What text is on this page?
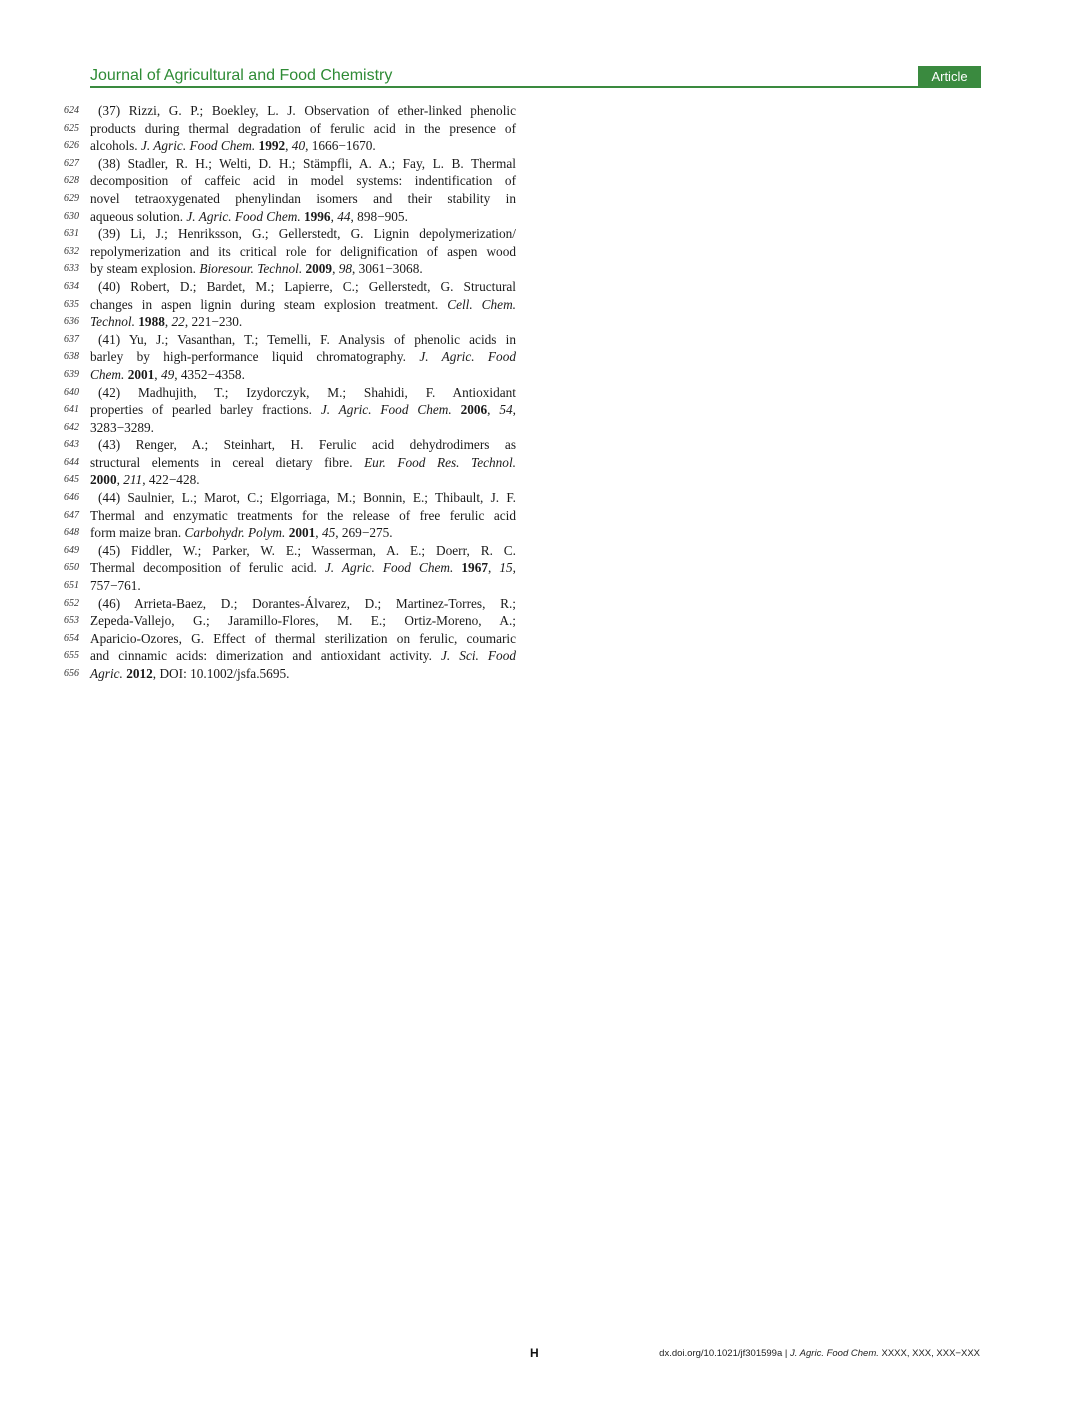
Journal of Agricultural and Food Chemistry	Article
624	(37) Rizzi, G. P.; Boekley, L. J. Observation of ether-linked phenolic
625 products during thermal degradation of ferulic acid in the presence of
626 alcohols. J. Agric. Food Chem. 1992, 40, 1666−1670.
627	(38) Stadler, R. H.; Welti, D. H.; Stämpfli, A. A.; Fay, L. B. Thermal
628 decomposition of caffeic acid in model systems: indentification of
629 novel tetraoxygenated phenylindan isomers and their stability in
630 aqueous solution. J. Agric. Food Chem. 1996, 44, 898−905.
631	(39) Li, J.; Henriksson, G.; Gellerstedt, G. Lignin depolymerization/
632 repolymerization and its critical role for delignification of aspen wood
633 by steam explosion. Bioresour. Technol. 2009, 98, 3061−3068.
634	(40) Robert, D.; Bardet, M.; Lapierre, C.; Gellerstedt, G. Structural
635 changes in aspen lignin during steam explosion treatment. Cell. Chem.
636 Technol. 1988, 22, 221−230.
637	(41) Yu, J.; Vasanthan, T.; Temelli, F. Analysis of phenolic acids in
638 barley by high-performance liquid chromatography. J. Agric. Food
639 Chem. 2001, 49, 4352−4358.
640	(42) Madhujith, T.; Izydorczyk, M.; Shahidi, F. Antioxidant
641 properties of pearled barley fractions. J. Agric. Food Chem. 2006, 54,
642 3283−3289.
643	(43) Renger, A.; Steinhart, H. Ferulic acid dehydrodimers as
644 structural elements in cereal dietary fibre. Eur. Food Res. Technol.
645 2000, 211, 422−428.
646	(44) Saulnier, L.; Marot, C.; Elgorriaga, M.; Bonnin, E.; Thibault, J. F.
647 Thermal and enzymatic treatments for the release of free ferulic acid
648 form maize bran. Carbohydr. Polym. 2001, 45, 269−275.
649	(45) Fiddler, W.; Parker, W. E.; Wasserman, A. E.; Doerr, R. C.
650 Thermal decomposition of ferulic acid. J. Agric. Food Chem. 1967, 15,
651 757−761.
652	(46) Arrieta-Baez, D.; Dorantes-Álvarez, D.; Martinez-Torres, R.;
653 Zepeda-Vallejo, G.; Jaramillo-Flores, M. E.; Ortiz-Moreno, A.;
654 Aparicio-Ozores, G. Effect of thermal sterilization on ferulic, coumaric
655 and cinnamic acids: dimerization and antioxidant activity. J. Sci. Food
656 Agric. 2012, DOI: 10.1002/jsfa.5695.
H	dx.doi.org/10.1021/jf301599a | J. Agric. Food Chem. XXXX, XXX, XXX−XXX
